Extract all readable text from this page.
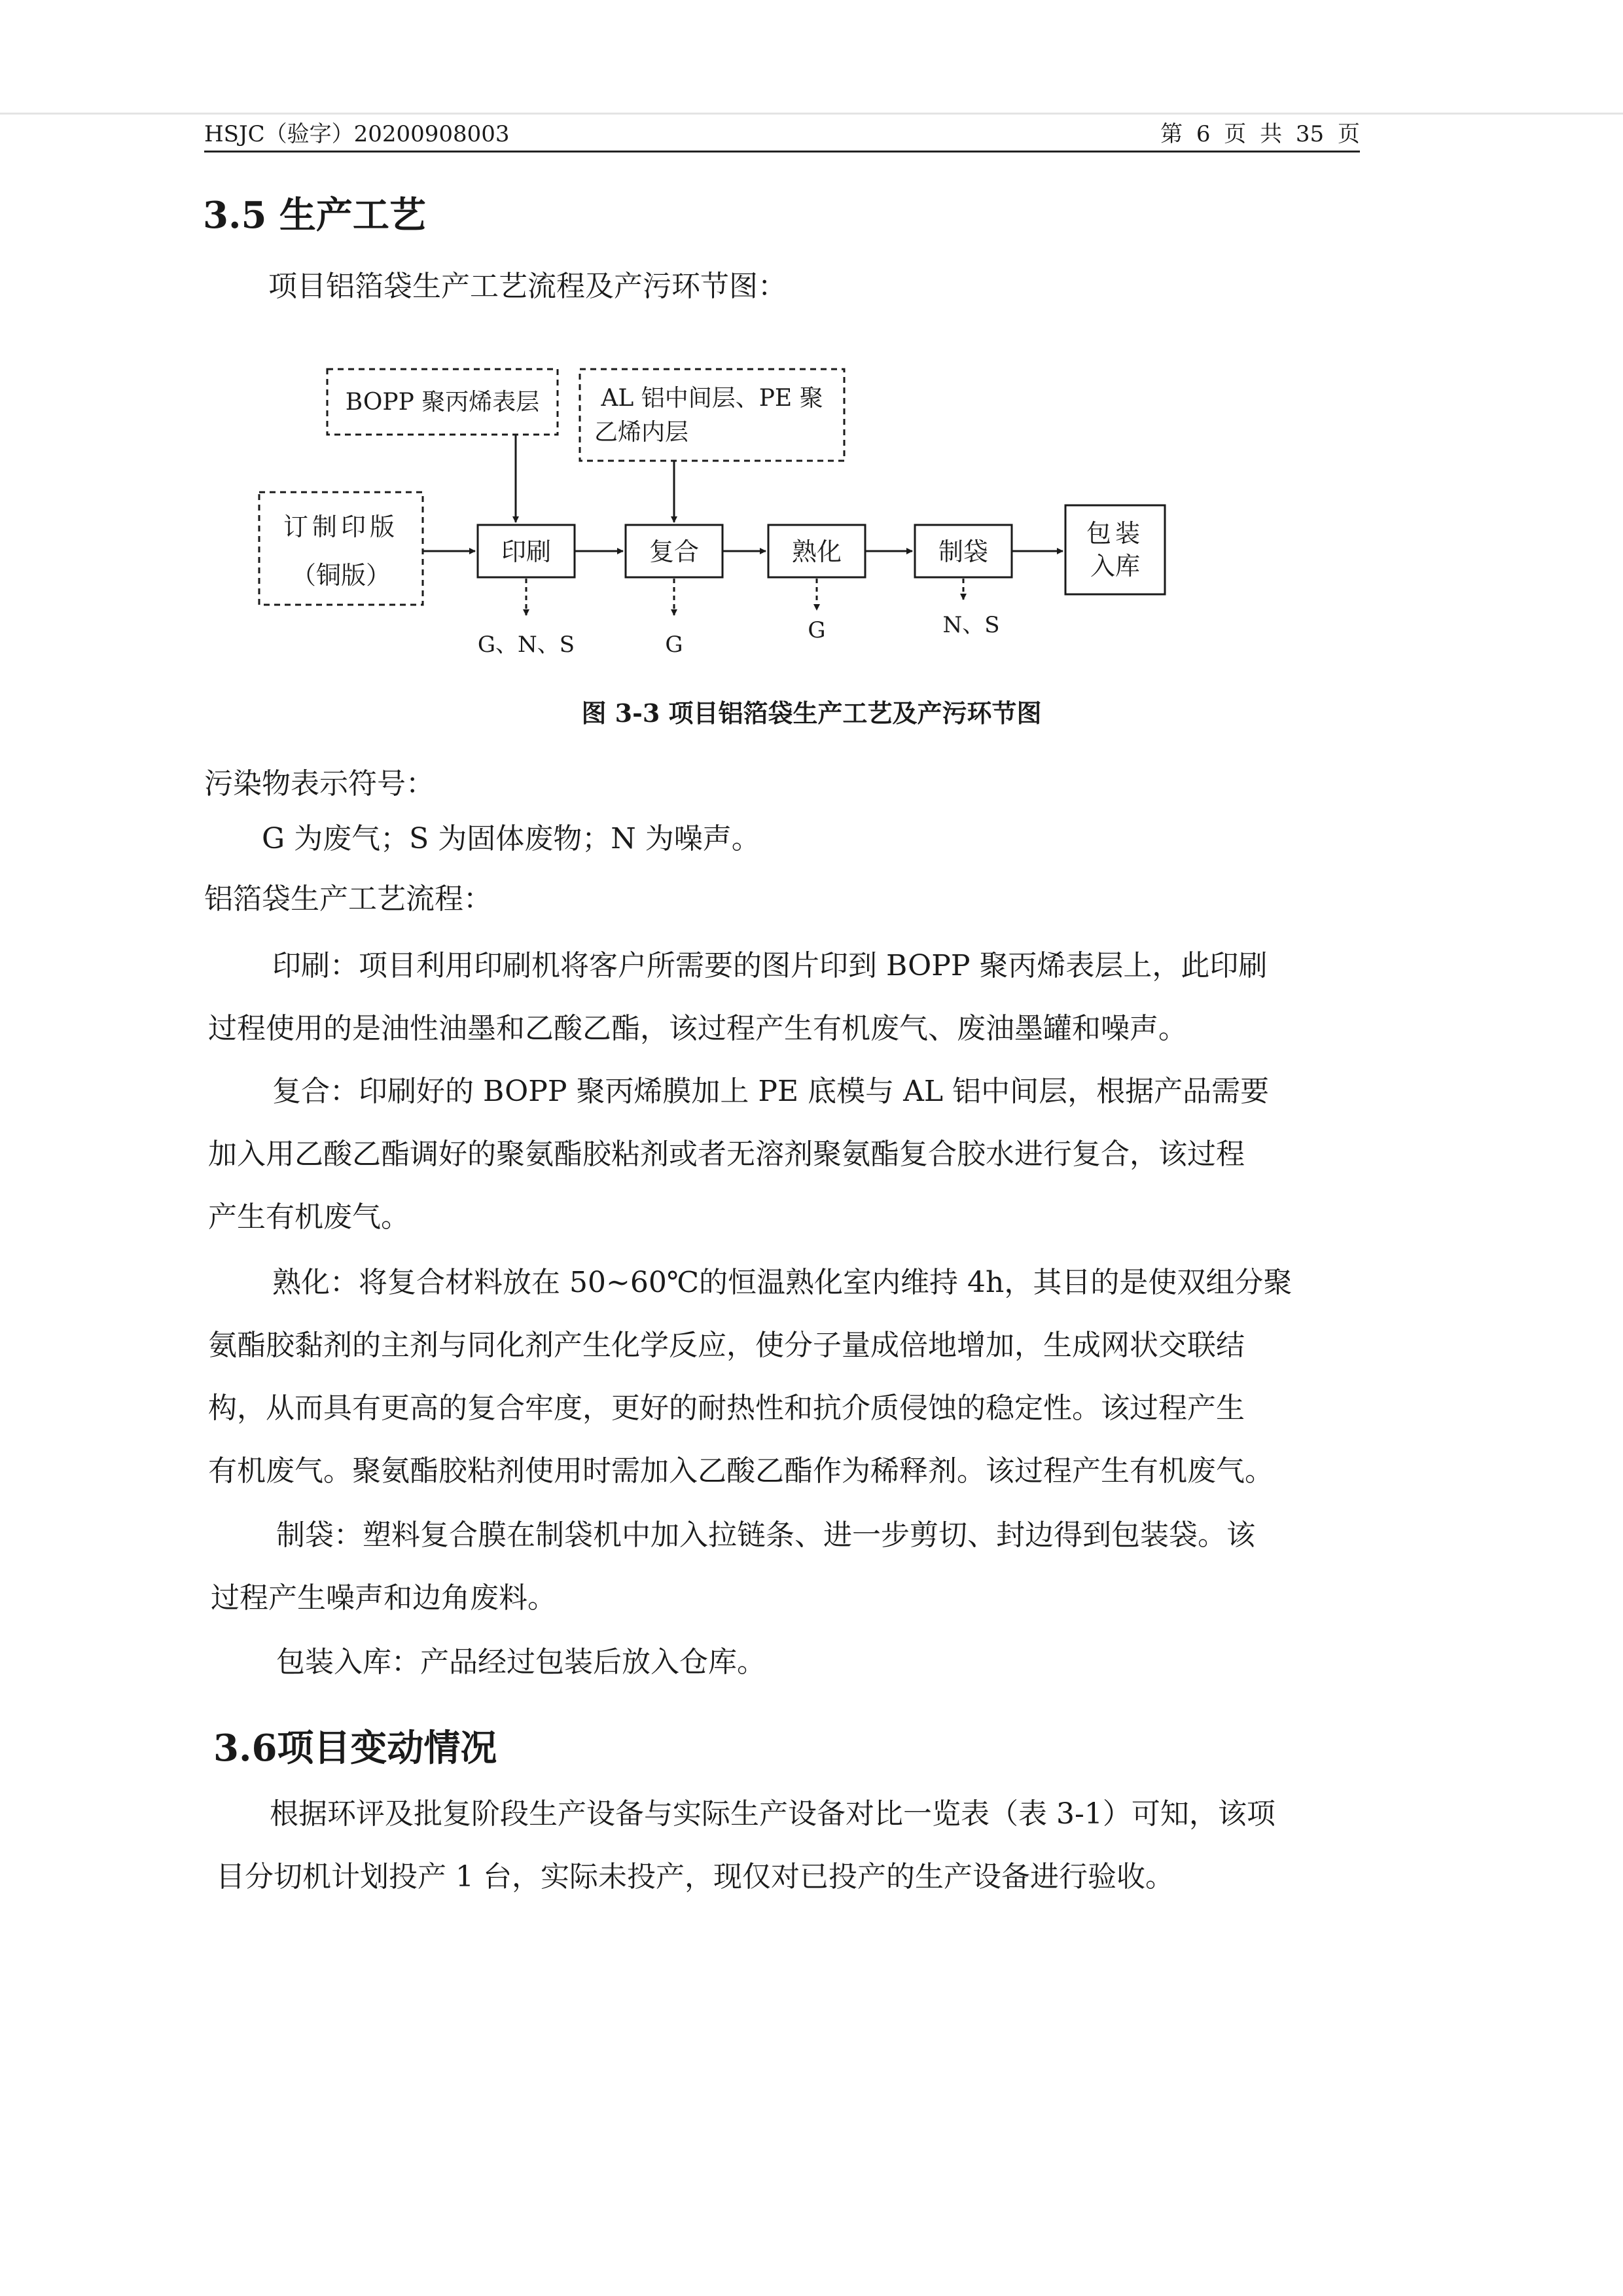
HSJC（验字）20200908003	第 6 页 共 35 页
3.5 生产工艺
项目铝箔袋生产工艺流程及产污环节图：
BOPP 聚丙烯表层	AL 铝中间层、PE 聚
乙烯内层
订制印版
（铜版）
印刷	复合	熟化	制袋
包装
入库
G、N、S	G
G	N、S
图 3-3 项目铝箔袋生产工艺及产污环节图
污染物表示符号：
G 为废气；S 为固体废物；N 为噪声。
铝箔袋生产工艺流程：
印刷：项目利用印刷机将客户所需要的图片印到 BOPP 聚丙烯表层上，此印刷
过程使用的是油性油墨和乙酸乙酯，该过程产生有机废气、废油墨罐和噪声。
复合：印刷好的 BOPP 聚丙烯膜加上 PE 底模与 AL 铝中间层，根据产品需要
加入用乙酸乙酯调好的聚氨酯胶粘剂或者无溶剂聚氨酯复合胶水进行复合，该过程
产生有机废气。
熟化：将复合材料放在 50~60℃的恒温熟化室内维持 4h，其目的是使双组分聚
氨酯胶黏剂的主剂与同化剂产生化学反应，使分子量成倍地增加，生成网状交联结
构，从而具有更高的复合牢度，更好的耐热性和抗介质侵蚀的稳定性。该过程产生
有机废气。聚氨酯胶粘剂使用时需加入乙酸乙酯作为稀释剂。该过程产生有机废气。
制袋：塑料复合膜在制袋机中加入拉链条、进一步剪切、封边得到包装袋。该
过程产生噪声和边角废料。
包装入库：产品经过包装后放入仓库。
3.6项目变动情况
根据环评及批复阶段生产设备与实际生产设备对比一览表（表 3-1）可知，该项
目分切机计划投产 1 台，实际未投产，现仅对已投产的生产设备进行验收。
